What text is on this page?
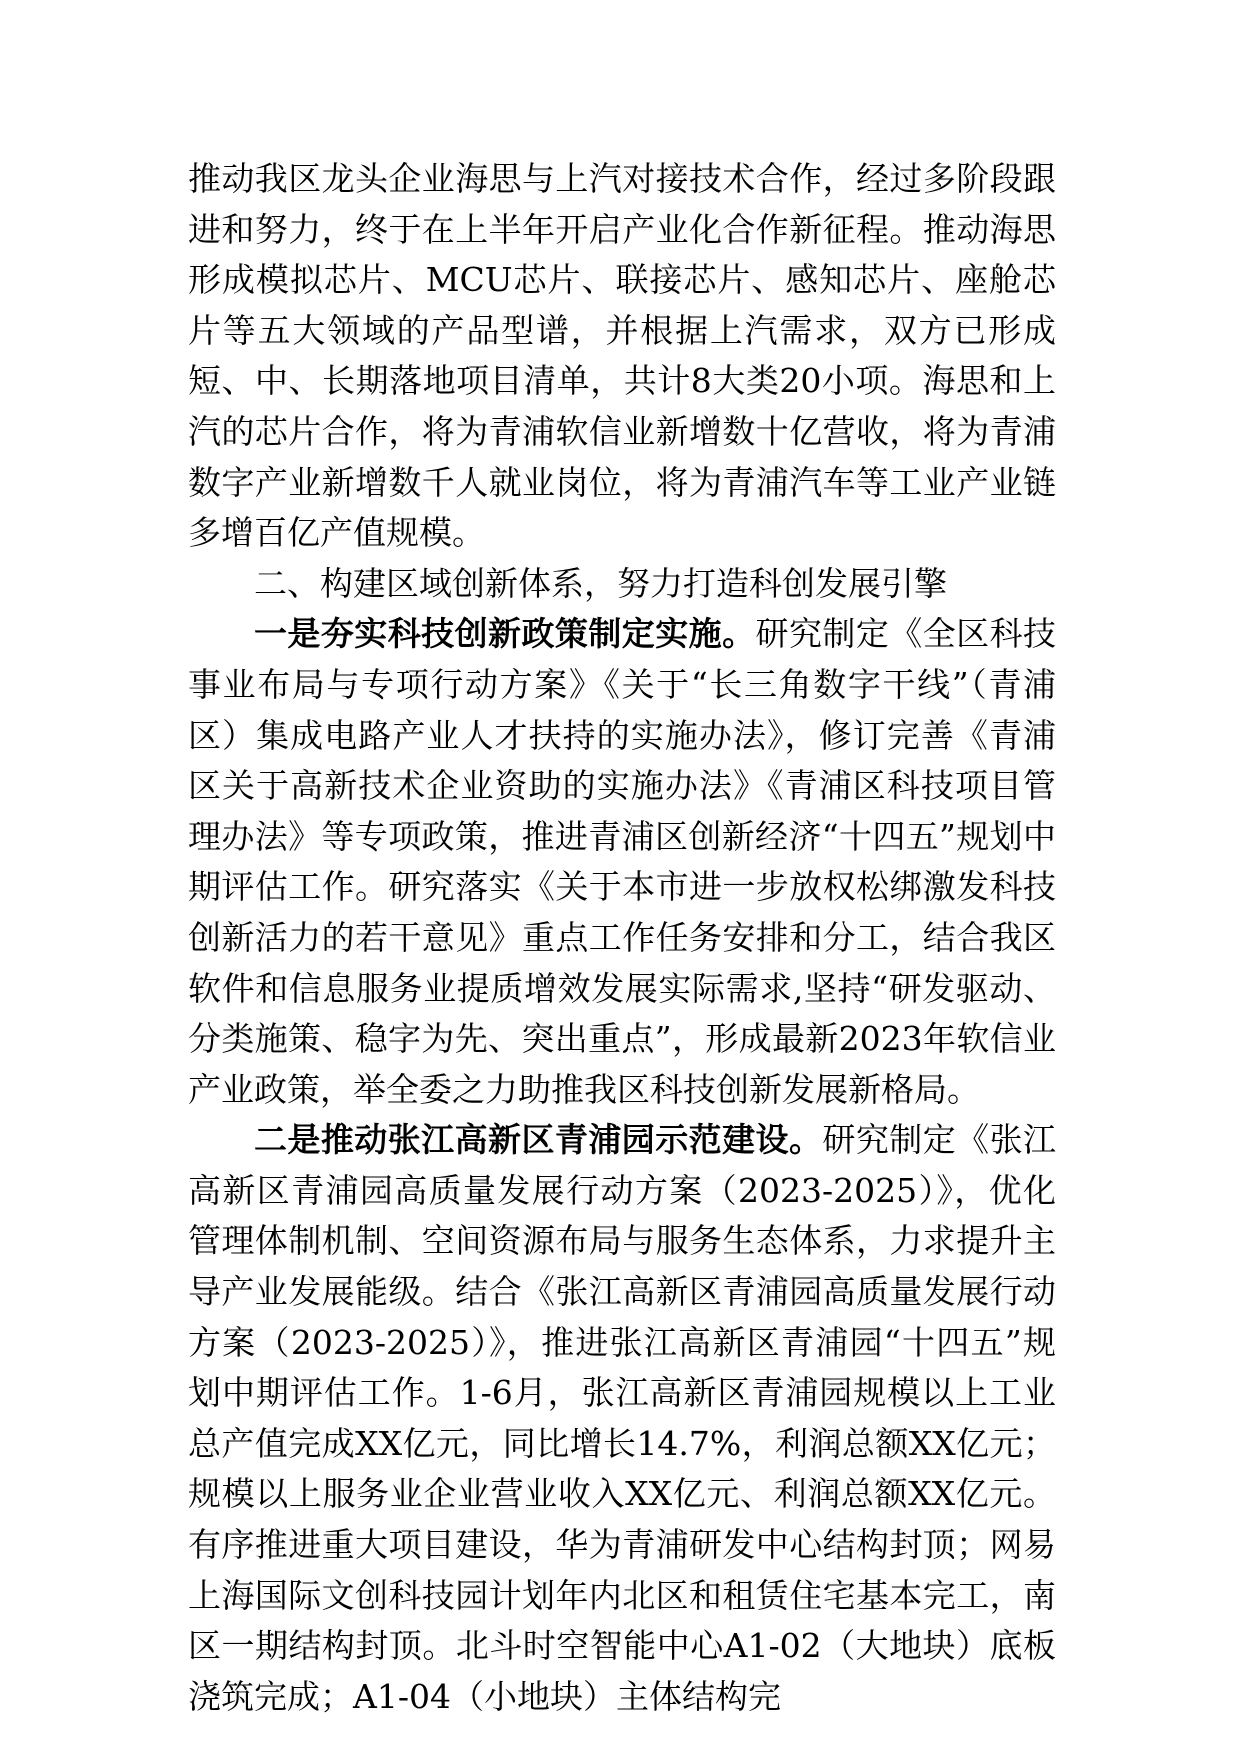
推动我区龙头企业海思与上汽对接技术合作，经过多阶段跟进和努力，终于在上半年开启产业化合作新征程。推动海思形成模拟芯片、MCU芯片、联接芯片、感知芯片、座舱芯片等五大领域的产品型谱，并根据上汽需求，双方已形成短、中、长期落地项目清单，共计8大类20小项。海思和上汽的芯片合作，将为青浦软信业新增数十亿营收，将为青浦数字产业新增数千人就业岗位，将为青浦汽车等工业产业链多增百亿产值规模。

二、构建区域创新体系，努力打造科创发展引擎

一是夯实科技创新政策制定实施。研究制定《全区科技事业布局与专项行动方案》《关于“长三角数字干线”（青浦区）集成电路产业人才扶持的实施办法》，修订完善《青浦区关于高新技术企业资助的实施办法》《青浦区科技项目管理办法》等专项政策，推进青浦区创新经济“十四五”规划中期评估工作。研究落实《关于本市进一步放权松绑激发科技创新活力的若干意见》重点工作任务安排和分工，结合我区软件和信息服务业提质增效发展实际需求,坚持“研发驱动、分类施策、稳字为先、突出重点”，形成最新2023年软信业产业政策，举全委之力助推我区科技创新发展新格局。

二是推动张江高新区青浦园示范建设。研究制定《张江高新区青浦园高质量发展行动方案（2023-2025）》，优化管理体制机制、空间资源布局与服务生态体系，力求提升主导产业发展能级。结合《张江高新区青浦园高质量发展行动方案（2023-2025）》，推进张江高新区青浦园“十四五”规划中期评估工作。1-6月，张江高新区青浦园规模以上工业总产值完成XX亿元，同比增长14.7%，利润总额XX亿元；规模以上服务业企业营业收入XX亿元、利润总额XX亿元。有序推进重大项目建设，华为青浦研发中心结构封顶；网易上海国际文创科技园计划年内北区和租赁住宅基本完工，南区一期结构封顶。北斗时空智能中心A1-02（大地块）底板浇筑完成；A1-04（小地块）主体结构完
